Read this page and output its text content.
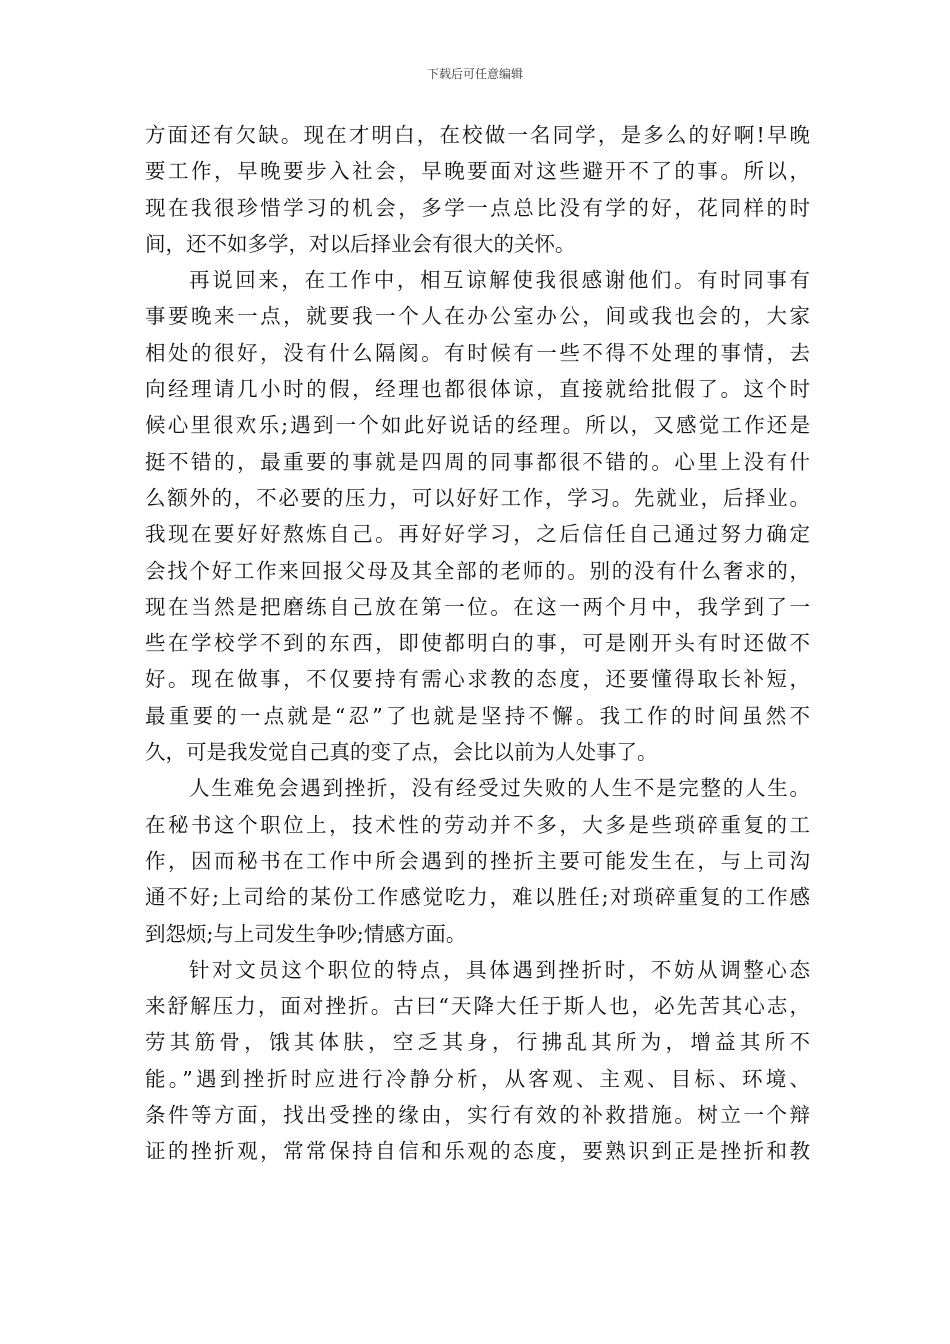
下载后可任意编辑
方面还有欠缺。现在才明白，在校做一名同学，是多么的好啊!早晚
要工作，早晚要步入社会，早晚要面对这些避开不了的事。所以，
现在我很珍惜学习的机会，多学一点总比没有学的好，花同样的时
间，还不如多学，对以后择业会有很大的关怀。
再说回来，在工作中，相互谅解使我很感谢他们。有时同事有
事要晚来一点，就要我一个人在办公室办公，间或我也会的，大家
相处的很好，没有什么隔阂。有时候有一些不得不处理的事情，去
向经理请几小时的假，经理也都很体谅，直接就给批假了。这个时
候心里很欢乐;遇到一个如此好说话的经理。所以，又感觉工作还是
挺不错的，最重要的事就是四周的同事都很不错的。心里上没有什
么额外的，不必要的压力，可以好好工作，学习。先就业，后择业。
我现在要好好熬炼自己。再好好学习，之后信任自己通过努力确定
会找个好工作来回报父母及其全部的老师的。别的没有什么奢求的，
现在当然是把磨练自己放在第一位。在这一两个月中，我学到了一
些在学校学不到的东西，即使都明白的事，可是刚开头有时还做不
好。现在做事，不仅要持有需心求教的态度，还要懂得取长补短，
最重要的一点就是“忍”了也就是坚持不懈。我工作的时间虽然不
久，可是我发觉自己真的变了点，会比以前为人处事了。
人生难免会遇到挫折，没有经受过失败的人生不是完整的人生。
在秘书这个职位上，技术性的劳动并不多，大多是些琐碎重复的工
作，因而秘书在工作中所会遇到的挫折主要可能发生在，与上司沟
通不好;上司给的某份工作感觉吃力，难以胜任;对琐碎重复的工作感
到怨烦;与上司发生争吵;情感方面。
针对文员这个职位的特点，具体遇到挫折时，不妨从调整心态
来舒解压力，面对挫折。古曰“天降大任于斯人也，必先苦其心志，
劳其筋骨，饿其体肤，空乏其身，行拂乱其所为，增益其所不
能。”遇到挫折时应进行冷静分析，从客观、主观、目标、环境、
条件等方面，找出受挫的缘由，实行有效的补救措施。树立一个辩
证的挫折观，常常保持自信和乐观的态度，要熟识到正是挫折和教
